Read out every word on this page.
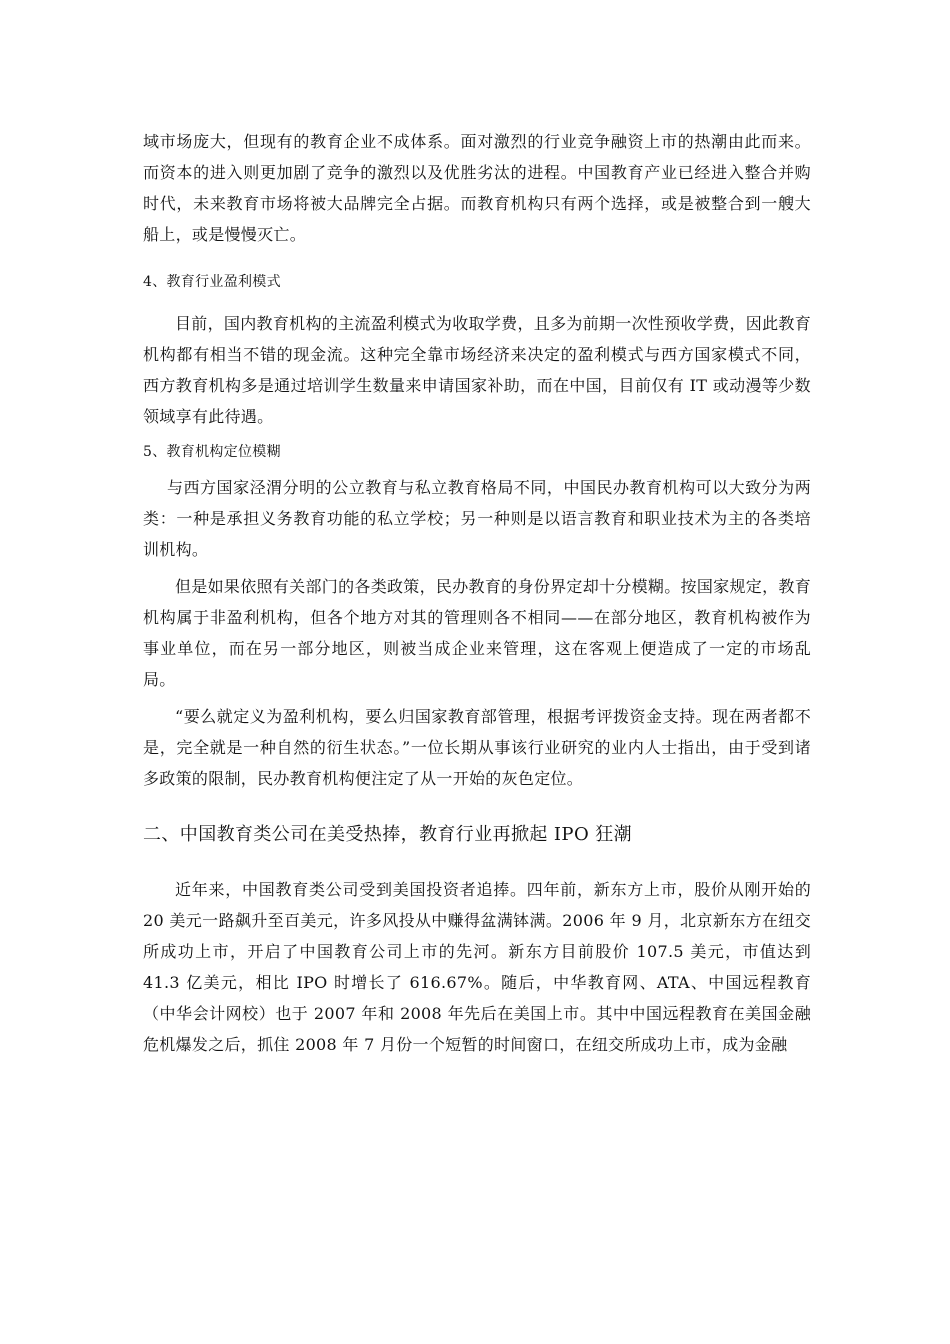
域市场庞大，但现有的教育企业不成体系。面对激烈的行业竞争融资上市的热潮由此而来。而资本的进入则更加剧了竞争的激烈以及优胜劣汰的进程。中国教育产业已经进入整合并购时代，未来教育市场将被大品牌完全占据。而教育机构只有两个选择，或是被整合到一艘大船上，或是慢慢灭亡。

4、教育行业盈利模式

目前，国内教育机构的主流盈利模式为收取学费，且多为前期一次性预收学费，因此教育机构都有相当不错的现金流。这种完全靠市场经济来决定的盈利模式与西方国家模式不同，西方教育机构多是通过培训学生数量来申请国家补助，而在中国，目前仅有 IT 或动漫等少数领域享有此待遇。

5、教育机构定位模糊

与西方国家泾渭分明的公立教育与私立教育格局不同，中国民办教育机构可以大致分为两类：一种是承担义务教育功能的私立学校；另一种则是以语言教育和职业技术为主的各类培训机构。

但是如果依照有关部门的各类政策，民办教育的身份界定却十分模糊。按国家规定，教育机构属于非盈利机构，但各个地方对其的管理则各不相同——在部分地区，教育机构被作为事业单位，而在另一部分地区，则被当成企业来管理，这在客观上便造成了一定的市场乱局。

“要么就定义为盈利机构，要么归国家教育部管理，根据考评拨资金支持。现在两者都不是，完全就是一种自然的衍生状态。”一位长期从事该行业研究的业内人士指出，由于受到诸多政策的限制，民办教育机构便注定了从一开始的灰色定位。

二、中国教育类公司在美受热捧，教育行业再掀起 IPO 狂潮

近年来，中国教育类公司受到美国投资者追捧。四年前，新东方上市，股价从刚开始的 20 美元一路飙升至百美元，许多风投从中赚得盆满钵满。2006 年 9 月，北京新东方在纽交所成功上市，开启了中国教育公司上市的先河。新东方目前股价 107.5 美元，市值达到 41.3 亿美元，相比 IPO 时增长了 616.67%。随后，中华教育网、ATA、中国远程教育（中华会计网校）也于 2007 年和 2008 年先后在美国上市。其中中国远程教育在美国金融危机爆发之后，抓住 2008 年 7 月份一个短暂的时间窗口，在纽交所成功上市，成为金融
